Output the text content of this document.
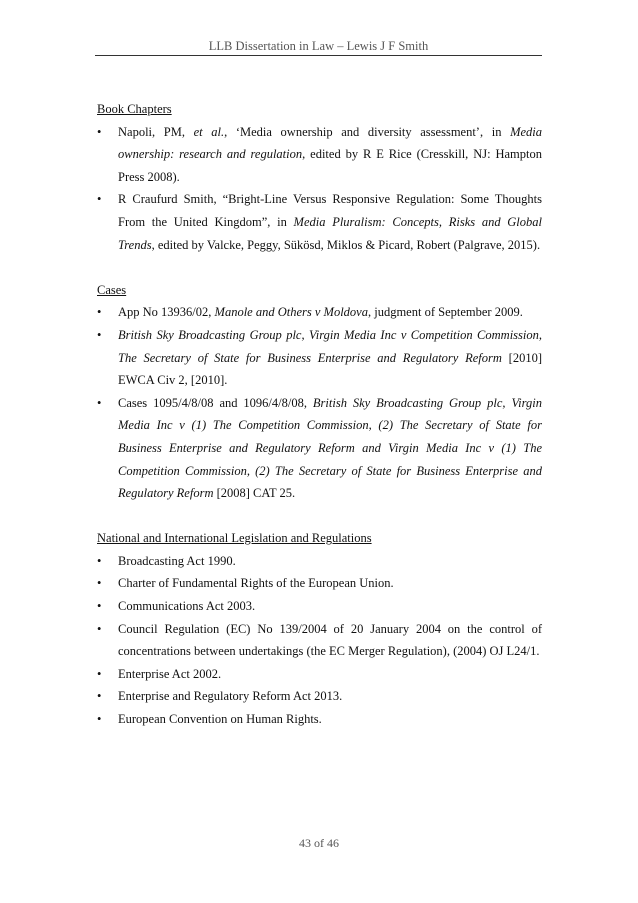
LLB Dissertation in Law – Lewis J F Smith
Book Chapters
•	Napoli, PM, et al., ‘Media ownership and diversity assessment’, in Media ownership: research and regulation, edited by R E Rice (Cresskill, NJ: Hampton Press 2008).
•	R Craufurd Smith, “Bright-Line Versus Responsive Regulation: Some Thoughts From the United Kingdom”, in Media Pluralism: Concepts, Risks and Global Trends, edited by Valcke, Peggy, Sükösd, Miklos & Picard, Robert (Palgrave, 2015).
Cases
•	App No 13936/02, Manole and Others v Moldova, judgment of September 2009.
•	British Sky Broadcasting Group plc, Virgin Media Inc v Competition Commission, The Secretary of State for Business Enterprise and Regulatory Reform [2010] EWCA Civ 2, [2010].
•	Cases 1095/4/8/08 and 1096/4/8/08, British Sky Broadcasting Group plc, Virgin Media Inc v (1) The Competition Commission, (2) The Secretary of State for Business Enterprise and Regulatory Reform and Virgin Media Inc v (1) The Competition Commission, (2) The Secretary of State for Business Enterprise and Regulatory Reform [2008] CAT 25.
National and International Legislation and Regulations
•	Broadcasting Act 1990.
•	Charter of Fundamental Rights of the European Union.
•	Communications Act 2003.
•	Council Regulation (EC) No 139/2004 of 20 January 2004 on the control of concentrations between undertakings (the EC Merger Regulation), (2004) OJ L24/1.
•	Enterprise Act 2002.
•	Enterprise and Regulatory Reform Act 2013.
•	European Convention on Human Rights.
43 of 46
